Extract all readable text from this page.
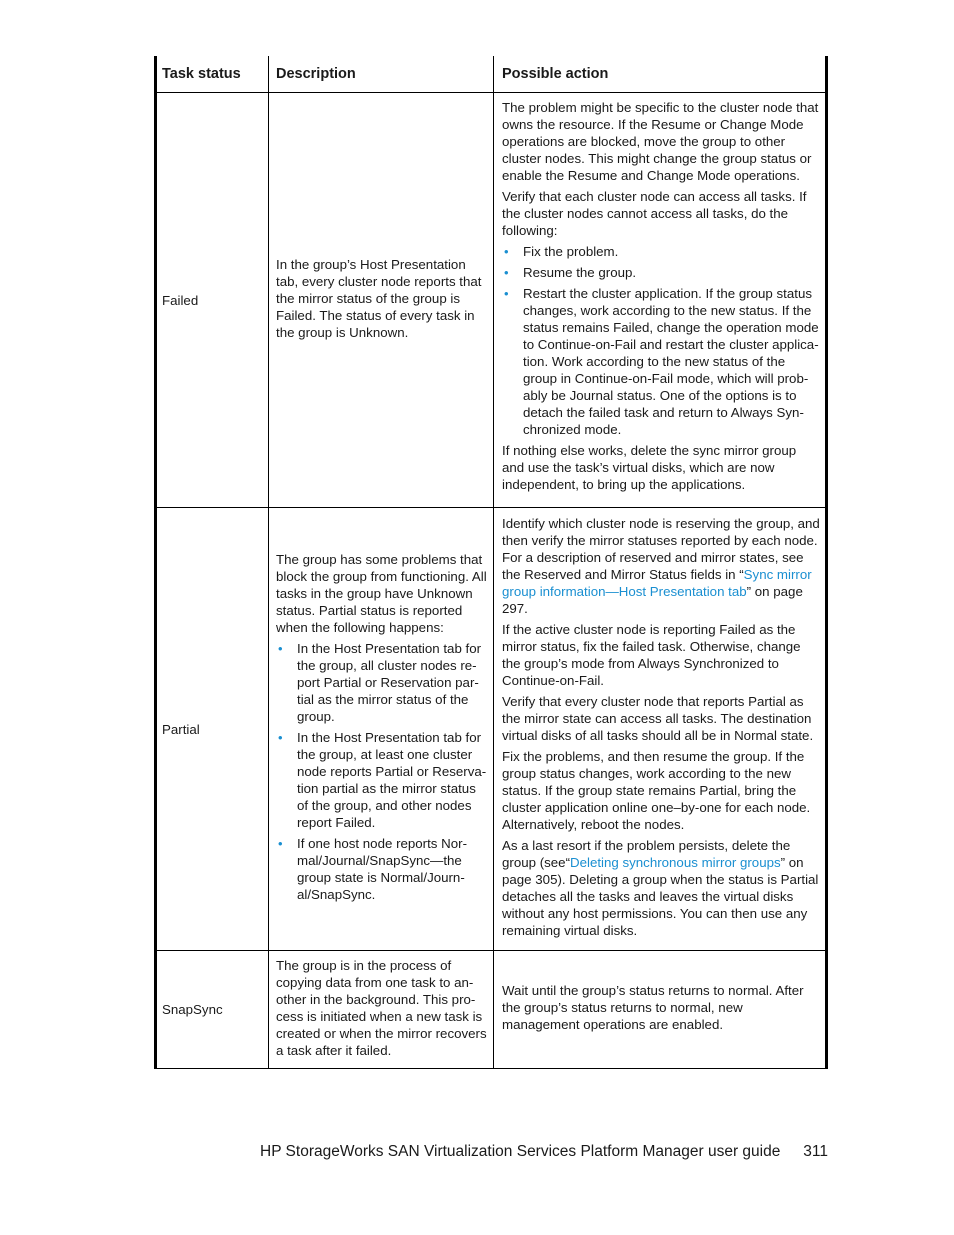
Task status	Description	Possible action
Failed

In the group’s Host Presentation tab, every cluster node reports that the mirror status of the group is Failed. The status of every task in the group is Unknown.

The problem might be specific to the cluster node that owns the resource. If the Resume or Change Mode operations are blocked, move the group to other cluster nodes. This might change the group status or enable the Resume and Change Mode operations.

Verify that each cluster node can access all tasks. If the cluster nodes cannot access all tasks, do the following:

• Fix the problem.
• Resume the group.
• Restart the cluster application. If the group status changes, work according to the new status. If the status remains Failed, change the operation mode to Continue-on-Fail and restart the cluster applica-tion. Work according to the new status of the group in Continue-on-Fail mode, which will prob-ably be Journal status. One of the options is to detach the failed task and return to Always Syn-chronized mode.

If nothing else works, delete the sync mirror group and use the task’s virtual disks, which are now independent, to bring up the applications.

Partial

The group has some problems that block the group from functioning. All tasks in the group have Unknown status. Partial status is reported when the following happens:

• In the Host Presentation tab for the group, all cluster nodes re-port Partial or Reservation par-tial as the mirror status of the group.
• In the Host Presentation tab for the group, at least one cluster node reports Partial or Reserva-tion partial as the mirror status of the group, and other nodes report Failed.
• If one host node reports Nor-mal/Journal/SnapSync—the group state is Normal/Journ-al/SnapSync.

Identify which cluster node is reserving the group, and then verify the mirror statuses reported by each node. For a description of reserved and mirror states, see the Reserved and Mirror Status fields in “Sync mirror group information—Host Presentation tab” on page 297.

If the active cluster node is reporting Failed as the mirror status, fix the failed task. Otherwise, change the group’s mode from Always Synchronized to Continue-on-Fail.

Verify that every cluster node that reports Partial as the mirror state can access all tasks. The destination virtual disks of all tasks should all be in Normal state.

Fix the problems, and then resume the group. If the group status changes, work according to the new status. If the group state remains Partial, bring the cluster application online one–by-one for each node. Alternatively, reboot the nodes.

As a last resort if the problem persists, delete the group (see“Deleting synchronous mirror groups” on page 305). Deleting a group when the status is Partial detaches all the tasks and leaves the virtual disks without any host permissions. You can then use any remaining virtual disks.

SnapSync

The group is in the process of copying data from one task to an-other in the background. This pro-cess is initiated when a new task is created or when the mirror recovers a task after it failed.

Wait until the group’s status returns to normal. After the group’s status returns to normal, new management operations are enabled.

HP StorageWorks SAN Virtualization Services Platform Manager user guide 311
